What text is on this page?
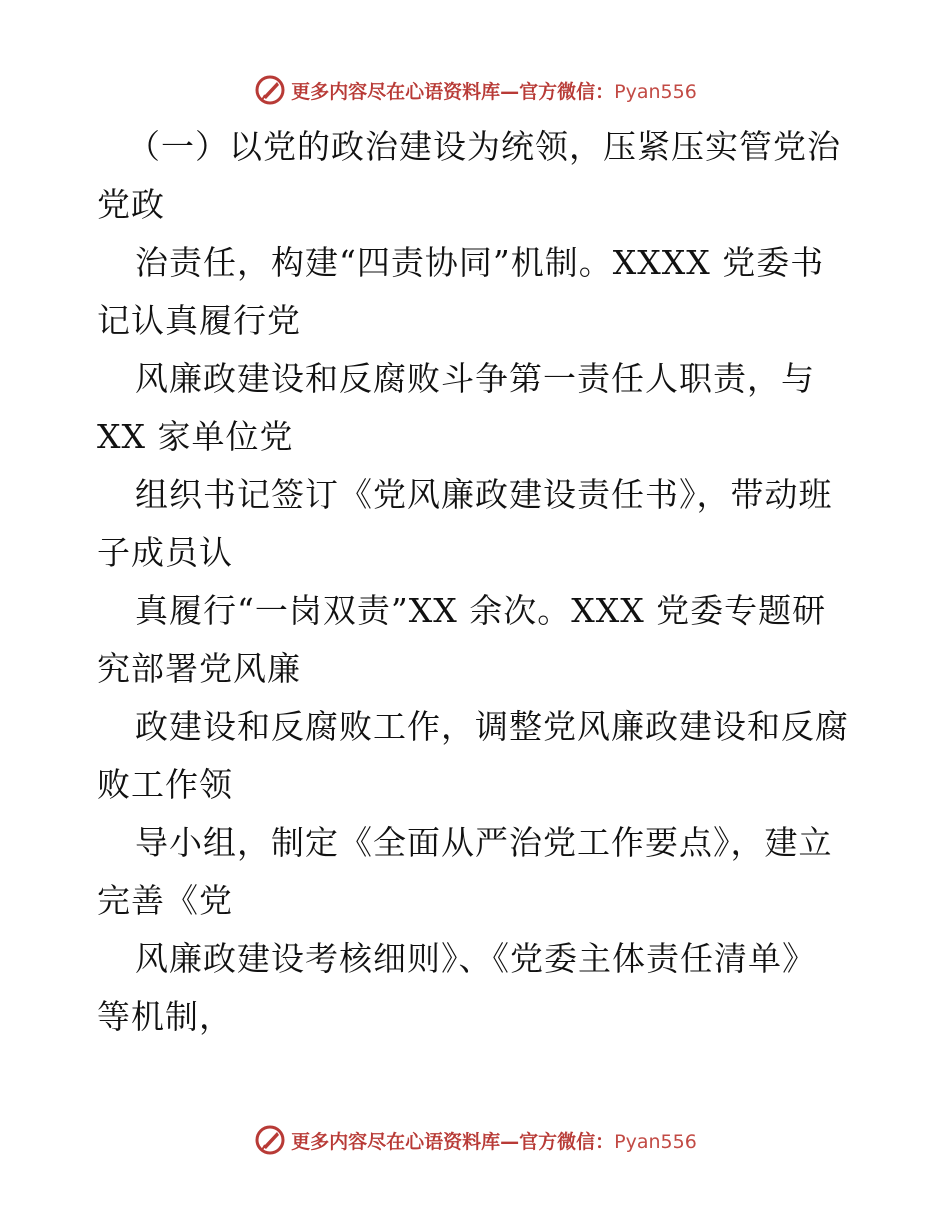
更多内容尽在心语资料库—官方微信：Pyan556
（一）以党的政治建设为统领，压紧压实管党治
党政
治责任，构建“四责协同”机制。XXXX 党委书
记认真履行党
风廉政建设和反腐败斗争第一责任人职责，与
XX 家单位党
组织书记签订《党风廉政建设责任书》，带动班
子成员认
真履行“一岗双责”XX 余次。XXX 党委专题研
究部署党风廉
政建设和反腐败工作，调整党风廉政建设和反腐
败工作领
导小组，制定《全面从严治党工作要点》，建立
完善《党
风廉政建设考核细则》、《党委主体责任清单》
等机制，
更多内容尽在心语资料库—官方微信：Pyan556
